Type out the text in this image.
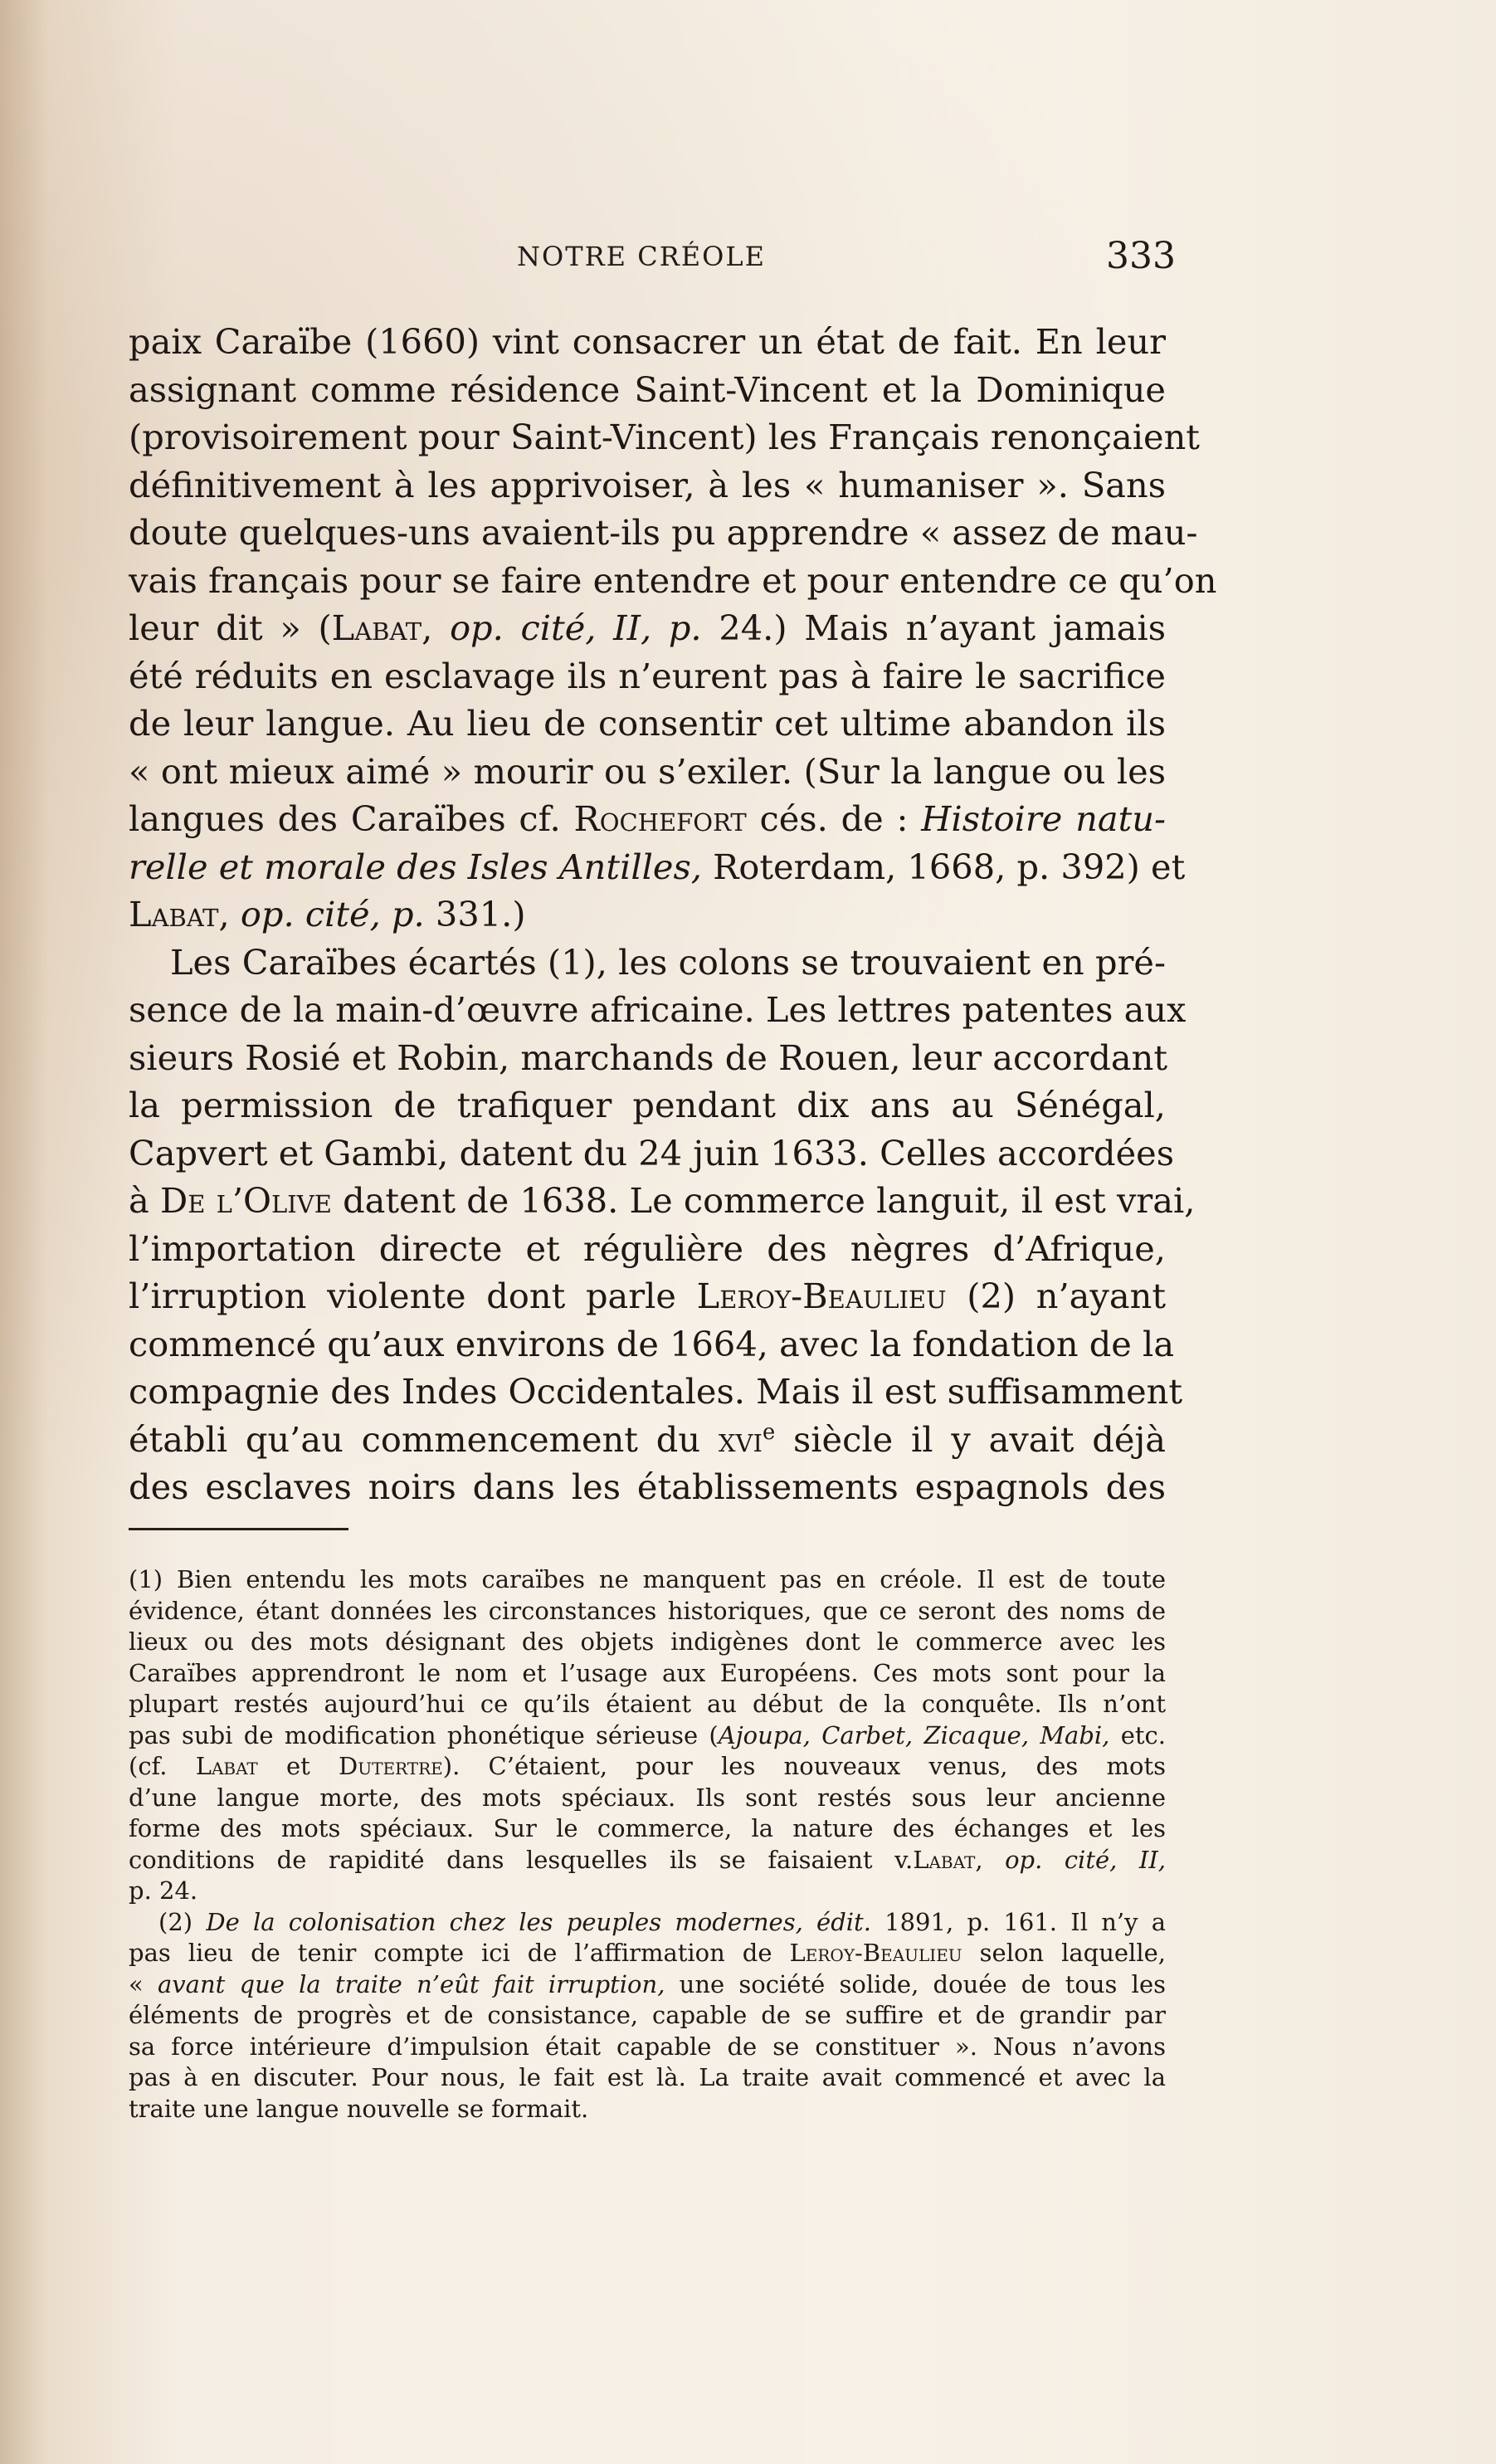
NOTRE CRÉOLE	333
paix Caraïbe (1660) vint consacrer un état de fait. En leur
assignant comme résidence Saint-Vincent et la Dominique
(provisoirement pour Saint-Vincent) les Français renonçaient
définitivement à les apprivoiser, à les « humaniser ». Sans
doute quelques-uns avaient-ils pu apprendre « assez de mau-
vais français pour se faire entendre et pour entendre ce qu’on
leur dit » (Labat, op. cité, II, p. 24.) Mais n’ayant jamais
été réduits en esclavage ils n’eurent pas à faire le sacrifice
de leur langue. Au lieu de consentir cet ultime abandon ils
« ont mieux aimé » mourir ou s’exiler. (Sur la langue ou les
langues des Caraïbes cf. Rochefort cés. de : Histoire natu-
relle et morale des Isles Antilles, Roterdam, 1668, p. 392) et
Labat, op. cité, p. 331.)
Les Caraïbes écartés (1), les colons se trouvaient en pré-
sence de la main-d’œuvre africaine. Les lettres patentes aux
sieurs Rosié et Robin, marchands de Rouen, leur accordant
la permission de trafiquer pendant dix ans au Sénégal,
Capvert et Gambi, datent du 24 juin 1633. Celles accordées
à De l’Olive datent de 1638. Le commerce languit, il est vrai,
l’importation directe et régulière des nègres d’Afrique,
l’irruption violente dont parle Leroy-Beaulieu (2) n’ayant
commencé qu’aux environs de 1664, avec la fondation de la
compagnie des Indes Occidentales. Mais il est suffisamment
établi qu’au commencement du xvi$^e$ siècle il y avait déjà
des esclaves noirs dans les établissements espagnols des
(1) Bien entendu les mots caraïbes ne manquent pas en créole. Il est de toute
évidence, étant données les circonstances historiques, que ce seront des noms de
lieux ou des mots désignant des objets indigènes dont le commerce avec les
Caraïbes apprendront le nom et l’usage aux Européens. Ces mots sont pour la
plupart restés aujourd’hui ce qu’ils étaient au début de la conquête. Ils n’ont
pas subi de modification phonétique sérieuse (Ajoupa, Carbet, Zicaque, Mabi, etc.
(cf. Labat et Dutertre). C’étaient, pour les nouveaux venus, des mots
d’une langue morte, des mots spéciaux. Ils sont restés sous leur ancienne
forme des mots spéciaux. Sur le commerce, la nature des échanges et les
conditions de rapidité dans lesquelles ils se faisaient v.Labat, op. cité, II,
p. 24.
(2) De la colonisation chez les peuples modernes, édit. 1891, p. 161. Il n’y a
pas lieu de tenir compte ici de l’affirmation de Leroy-Beaulieu selon laquelle,
« avant que la traite n’eût fait irruption, une société solide, douée de tous les
éléments de progrès et de consistance, capable de se suffire et de grandir par
sa force intérieure d’impulsion était capable de se constituer ». Nous n’avons
pas à en discuter. Pour nous, le fait est là. La traite avait commencé et avec la
traite une langue nouvelle se formait.
